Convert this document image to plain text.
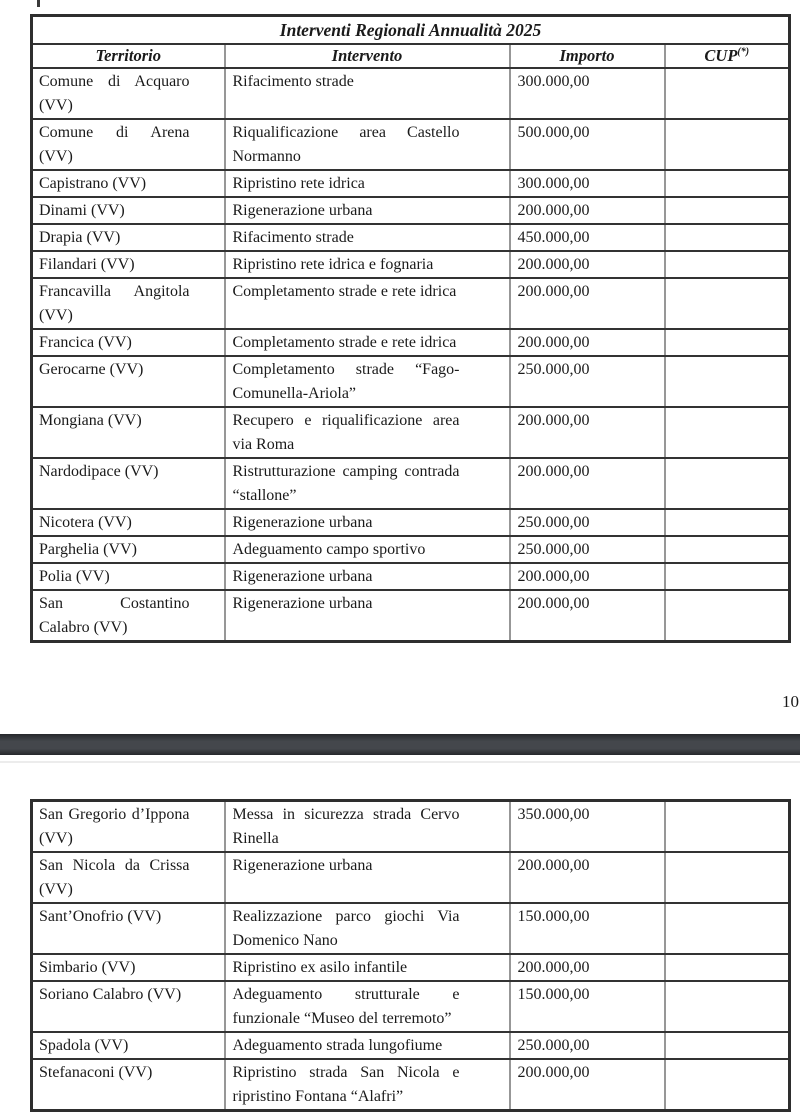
Interventi Regionali Annualità 2025			
Territorio	Intervento	Importo	CUP(*)
Comune di Acquaro (VV)	Rifacimento strade	300.000,00	
Comune di Arena (VV)	Riqualificazione area Castello Normanno	500.000,00	
Capistrano (VV)	Ripristino rete idrica	300.000,00	
Dinami (VV)	Rigenerazione urbana	200.000,00	
Drapia (VV)	Rifacimento strade	450.000,00	
Filandari (VV)	Ripristino rete idrica e fognaria	200.000,00	
Francavilla Angitola (VV)	Completamento strade e rete idrica	200.000,00	
Francica (VV)	Completamento strade e rete idrica	200.000,00	
Gerocarne (VV)	Completamento strade “Fago-Comunella-Ariola”	250.000,00	
Mongiana (VV)	Recupero e riqualificazione area via Roma	200.000,00	
Nardodipace (VV)	Ristrutturazione camping contrada “stallone”	200.000,00	
Nicotera (VV)	Rigenerazione urbana	250.000,00	
Parghelia (VV)	Adeguamento campo sportivo	250.000,00	
Polia (VV)	Rigenerazione urbana	200.000,00	
San Costantino Calabro (VV)	Rigenerazione urbana	200.000,00	
10
San Gregorio d’Ippona (VV)	Messa in sicurezza strada Cervo Rinella	350.000,00	
San Nicola da Crissa (VV)	Rigenerazione urbana	200.000,00	
Sant’Onofrio (VV)	Realizzazione parco giochi Via Domenico Nano	150.000,00	
Simbario (VV)	Ripristino ex asilo infantile	200.000,00	
Soriano Calabro (VV)	Adeguamento strutturale e funzionale “Museo del terremoto”	150.000,00	
Spadola (VV)	Adeguamento strada lungofiume	250.000,00	
Stefanaconi (VV)	Ripristino strada San Nicola e ripristino Fontana “Alafri”	200.000,00	
